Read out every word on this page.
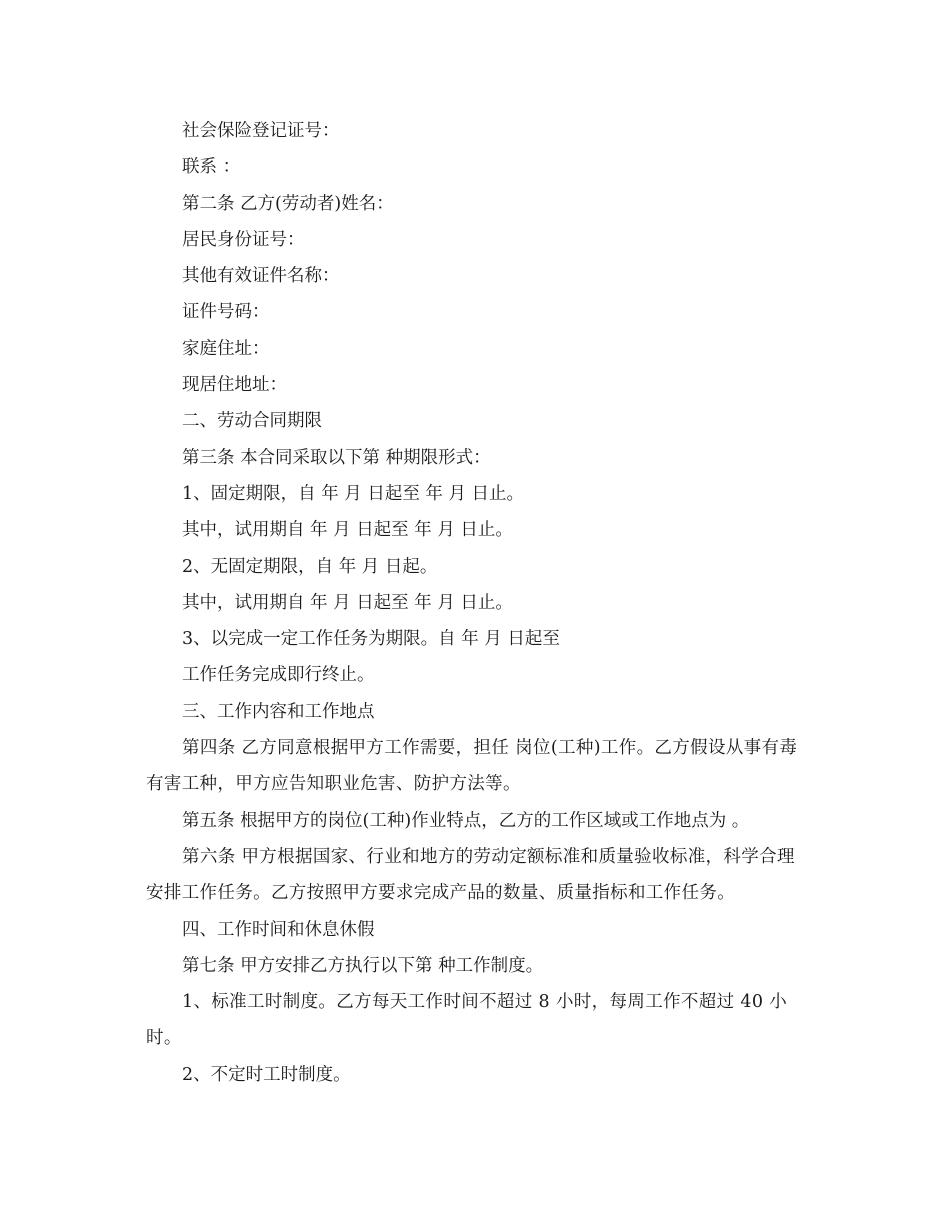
社会保险登记证号：
联系 ：
第二条 乙方(劳动者)姓名：
居民身份证号：
其他有效证件名称：
证件号码：
家庭住址：
现居住地址：
二、劳动合同期限
第三条 本合同采取以下第 种期限形式：
1、固定期限，自 年 月 日起至 年 月 日止。
其中，试用期自 年 月 日起至 年 月 日止。
2、无固定期限，自 年 月 日起。
其中，试用期自 年 月 日起至 年 月 日止。
3、以完成一定工作任务为期限。自 年 月 日起至
工作任务完成即行终止。
三、工作内容和工作地点
第四条 乙方同意根据甲方工作需要，担任 岗位(工种)工作。乙方假设从事有毒有害工种，甲方应告知职业危害、防护方法等。
第五条 根据甲方的岗位(工种)作业特点，乙方的工作区域或工作地点为 。
第六条 甲方根据国家、行业和地方的劳动定额标准和质量验收标准，科学合理安排工作任务。乙方按照甲方要求完成产品的数量、质量指标和工作任务。
四、工作时间和休息休假
第七条 甲方安排乙方执行以下第 种工作制度。
1、标准工时制度。乙方每天工作时间不超过 8 小时，每周工作不超过 40 小时。
2、不定时工时制度。
